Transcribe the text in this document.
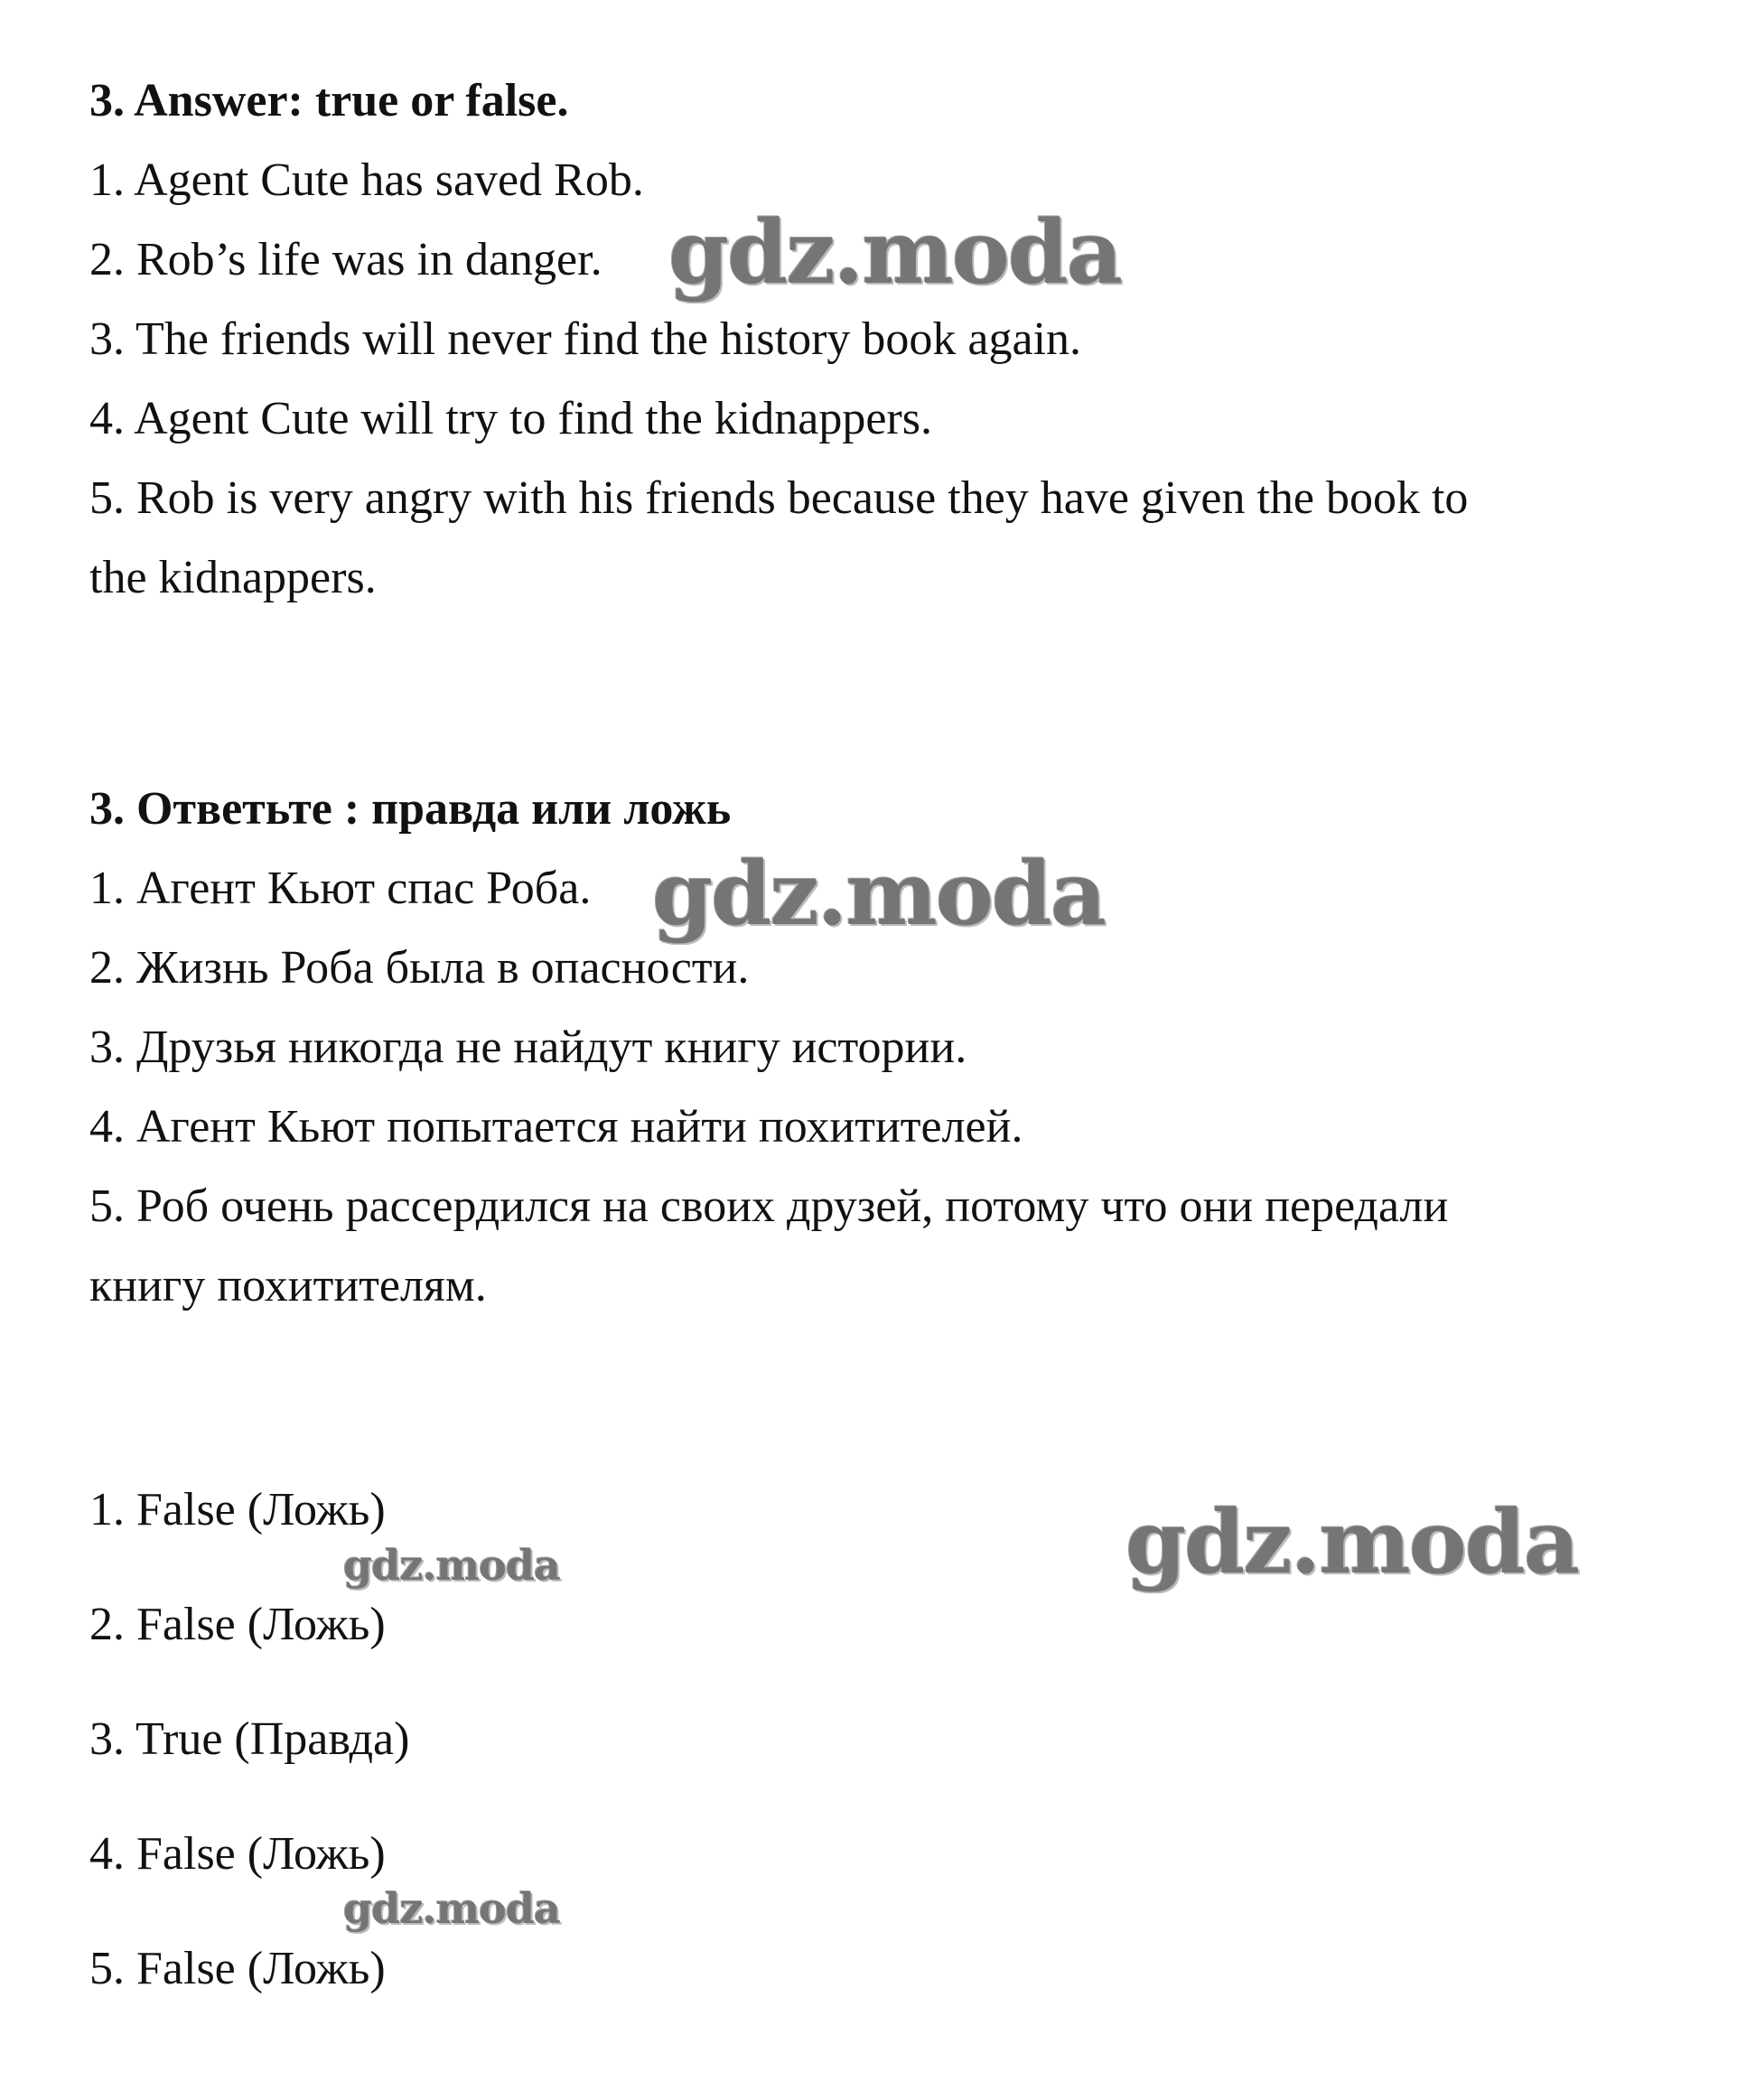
3. Answer: true or false.

1. Agent Cute has saved Rob.

2. Rob’s life was in danger.

3. The friends will never find the history book again.

4. Agent Cute will try to find the kidnappers.

5. Rob is very angry with his friends because they have given the book to

the kidnappers.

3. Ответьте : правда или ложь

1. Агент Кьют спас Роба.

2. Жизнь Роба была в опасности.

3. Друзья никогда не найдут книгу истории.

4. Агент Кьют попытается найти похитителей.

5. Роб очень рассердился на своих друзей, потому что они передали

книгу похитителям.

1. False (Ложь)

2. False (Ложь)

3. True (Правда)

4. False (Ложь)

5. False (Ложь)

gdz.moda
gdz.moda
gdz.moda
gdz.moda
gdz.moda
